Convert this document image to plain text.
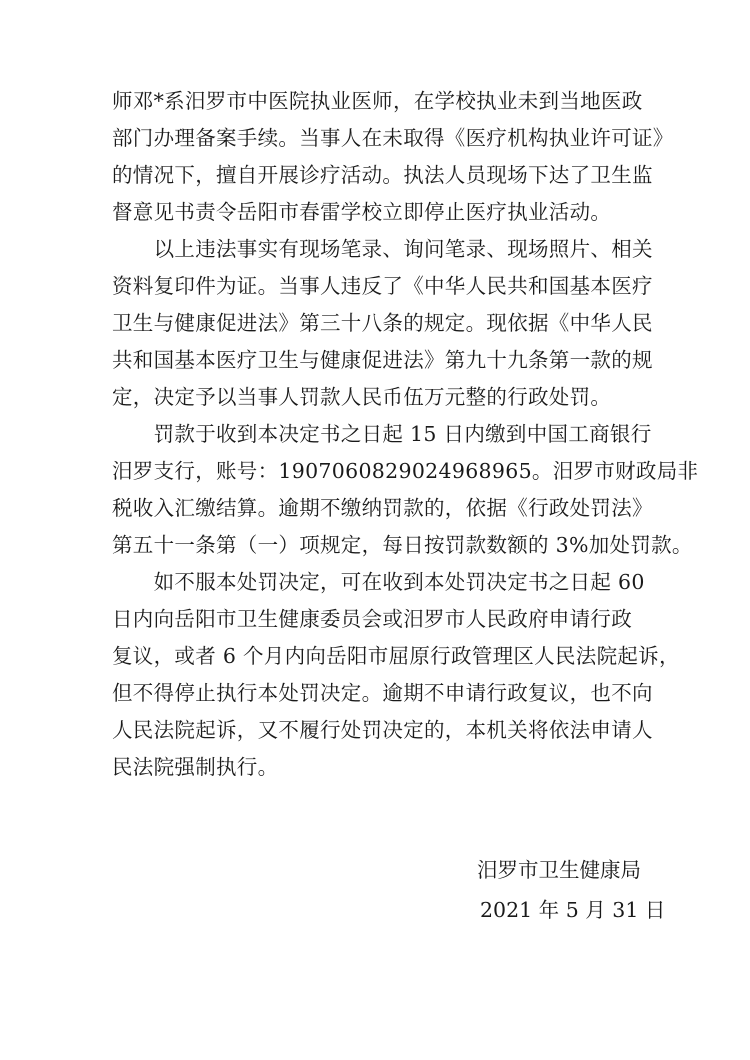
师邓*系汨罗市中医院执业医师，在学校执业未到当地医政
部门办理备案手续。当事人在未取得《医疗机构执业许可证》
的情况下，擅自开展诊疗活动。执法人员现场下达了卫生监
督意见书责令岳阳市春雷学校立即停止医疗执业活动。
　　以上违法事实有现场笔录、询问笔录、现场照片、相关
资料复印件为证。当事人违反了《中华人民共和国基本医疗
卫生与健康促进法》第三十八条的规定。现依据《中华人民
共和国基本医疗卫生与健康促进法》第九十九条第一款的规
定，决定予以当事人罚款人民币伍万元整的行政处罚。
　　罚款于收到本决定书之日起 15 日内缴到中国工商银行
汨罗支行，账号：1907060829024968965。汨罗市财政局非
税收入汇缴结算。逾期不缴纳罚款的，依据《行政处罚法》
第五十一条第（一）项规定，每日按罚款数额的 3%加处罚款。
　　如不服本处罚决定，可在收到本处罚决定书之日起 60
日内向岳阳市卫生健康委员会或汨罗市人民政府申请行政
复议，或者 6 个月内向岳阳市屈原行政管理区人民法院起诉，
但不得停止执行本处罚决定。逾期不申请行政复议，也不向
人民法院起诉，又不履行处罚决定的，本机关将依法申请人
民法院强制执行。
汨罗市卫生健康局
2021 年 5 月 31 日
